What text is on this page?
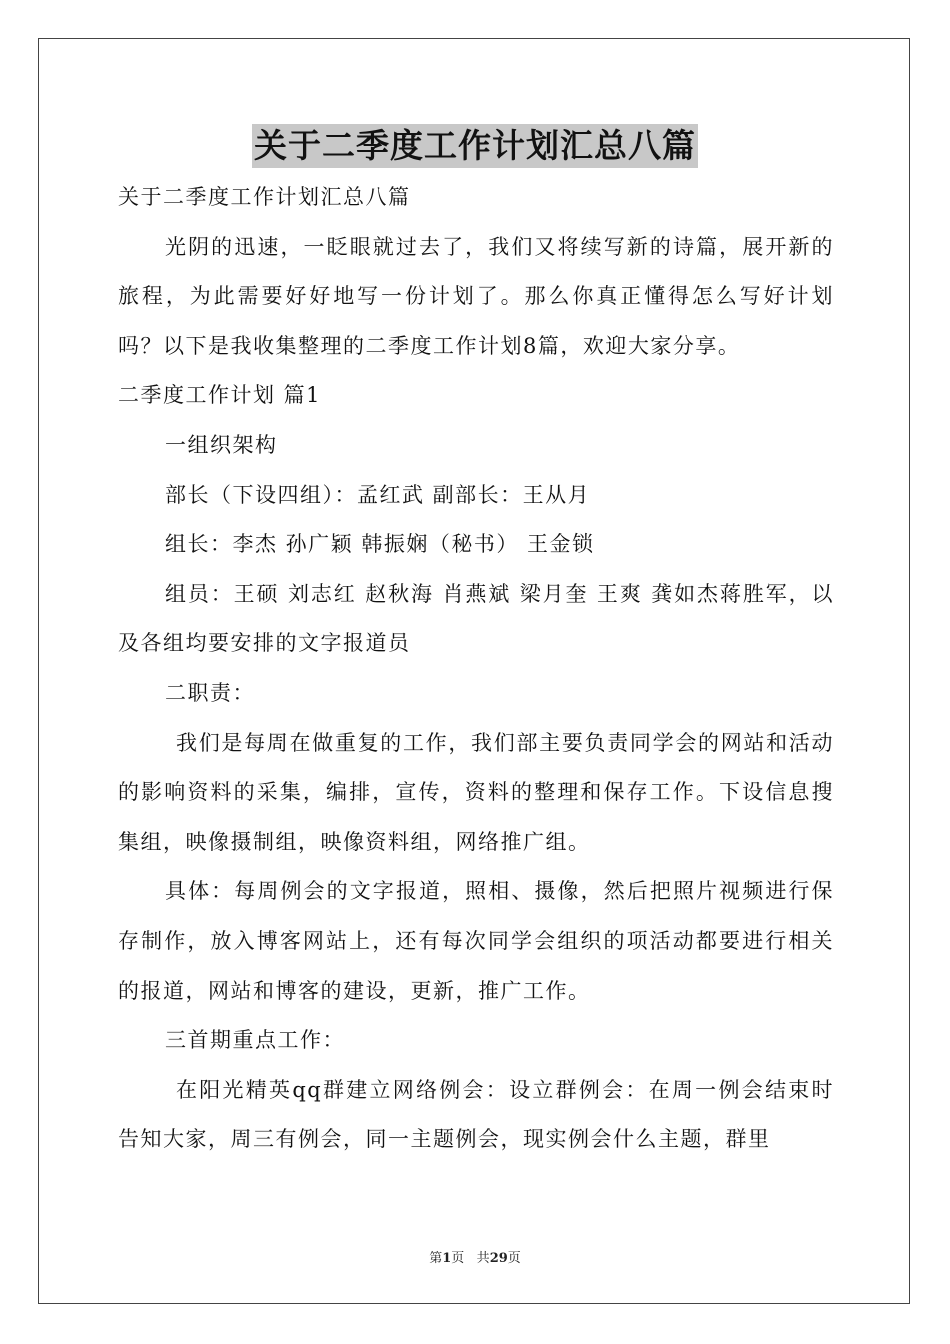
关于二季度工作计划汇总八篇

关于二季度工作计划汇总八篇

光阴的迅速，一眨眼就过去了，我们又将续写新的诗篇，展开新的旅程，为此需要好好地写一份计划了。那么你真正懂得怎么写好计划吗？以下是我收集整理的二季度工作计划8篇，欢迎大家分享。

二季度工作计划 篇1

一组织架构

部长（下设四组）：孟红武 副部长：王从月

组长：李杰 孙广颖 韩振娴（秘书） 王金锁

组员：王硕 刘志红 赵秋海 肖燕斌 梁月奎 王爽 龚如杰蒋胜军，以及各组均要安排的文字报道员

二职责：

我们是每周在做重复的工作，我们部主要负责同学会的网站和活动的影响资料的采集，编排，宣传，资料的整理和保存工作。下设信息搜集组，映像摄制组，映像资料组，网络推广组。

具体：每周例会的文字报道，照相、摄像，然后把照片视频进行保存制作，放入博客网站上，还有每次同学会组织的项活动都要进行相关的报道，网站和博客的建设，更新，推广工作。

三首期重点工作：

在阳光精英qq群建立网络例会：设立群例会：在周一例会结束时告知大家，周三有例会，同一主题例会，现实例会什么主题，群里

第1页 共29页
